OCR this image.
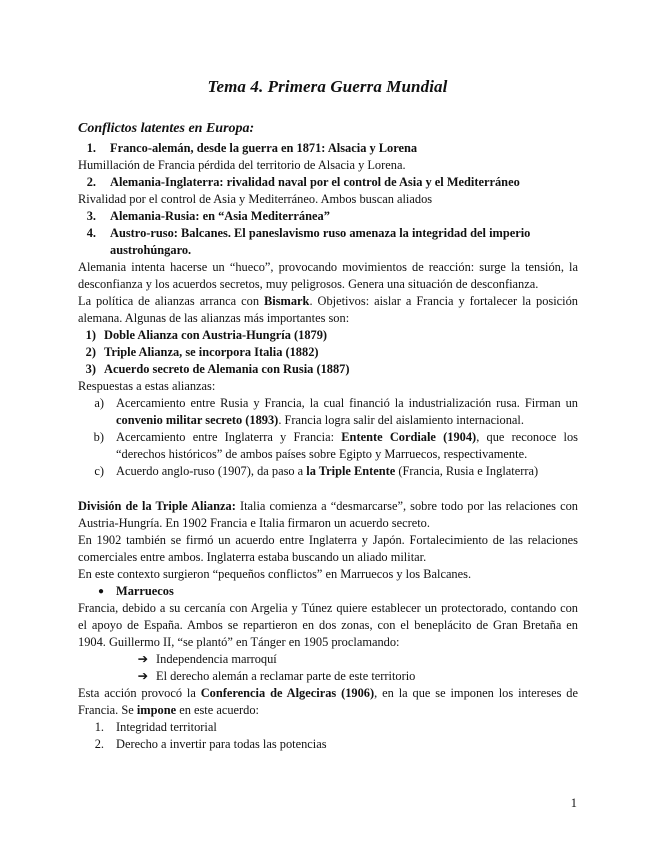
Tema 4. Primera Guerra Mundial
Conflictos latentes en Europa:
1. Franco-alemán, desde la guerra en 1871: Alsacia y Lorena

Humillación de Francia pérdida del territorio de Alsacia y Lorena.

2. Alemania-Inglaterra: rivalidad naval por el control de Asia y el Mediterráneo

Rivalidad por el control de Asia y Mediterráneo. Ambos buscan aliados

3. Alemania-Rusia: en “Asia Mediterránea”
4. Austro-ruso: Balcanes. El paneslavismo ruso amenaza la integridad del imperio austrohúngaro.

Alemania intenta hacerse un “hueco”, provocando movimientos de reacción: surge la tensión, la desconfianza y los acuerdos secretos, muy peligrosos. Genera una situación de desconfianza.

La política de alianzas arranca con Bismark. Objetivos: aislar a Francia y fortalecer la posición alemana. Algunas de las alianzas más importantes son:

1) Doble Alianza con Austria-Hungría (1879)
2) Triple Alianza, se incorpora Italia (1882)
3) Acuerdo secreto de Alemania con Rusia (1887)

Respuestas a estas alianzas:

a) Acercamiento entre Rusia y Francia, la cual financió la industrialización rusa. Firman un convenio militar secreto (1893). Francia logra salir del aislamiento internacional.
b) Acercamiento entre Inglaterra y Francia: Entente Cordiale (1904), que reconoce los “derechos históricos” de ambos países sobre Egipto y Marruecos, respectivamente.
c) Acuerdo anglo-ruso (1907), da paso a la Triple Entente (Francia, Rusia e Inglaterra)

División de la Triple Alianza: Italia comienza a “desmarcarse”, sobre todo por las relaciones con Austria-Hungría. En 1902 Francia e Italia firmaron un acuerdo secreto.

En 1902 también se firmó un acuerdo entre Inglaterra y Japón. Fortalecimiento de las relaciones comerciales entre ambos. Inglaterra estaba buscando un aliado militar.

En este contexto surgieron “pequeños conflictos” en Marruecos y los Balcanes.

● Marruecos

Francia, debido a su cercanía con Argelia y Túnez quiere establecer un protectorado, contando con el apoyo de España. Ambos se repartieron en dos zonas, con el beneplácito de Gran Bretaña en 1904. Guillermo II, “se plantó” en Tánger en 1905 proclamando:

➔ Independencia marroquí
➔ El derecho alemán a reclamar parte de este territorio

Esta acción provocó la Conferencia de Algeciras (1906), en la que se imponen los intereses de Francia. Se impone en este acuerdo:

1. Integridad territorial
2. Derecho a invertir para todas las potencias
1
